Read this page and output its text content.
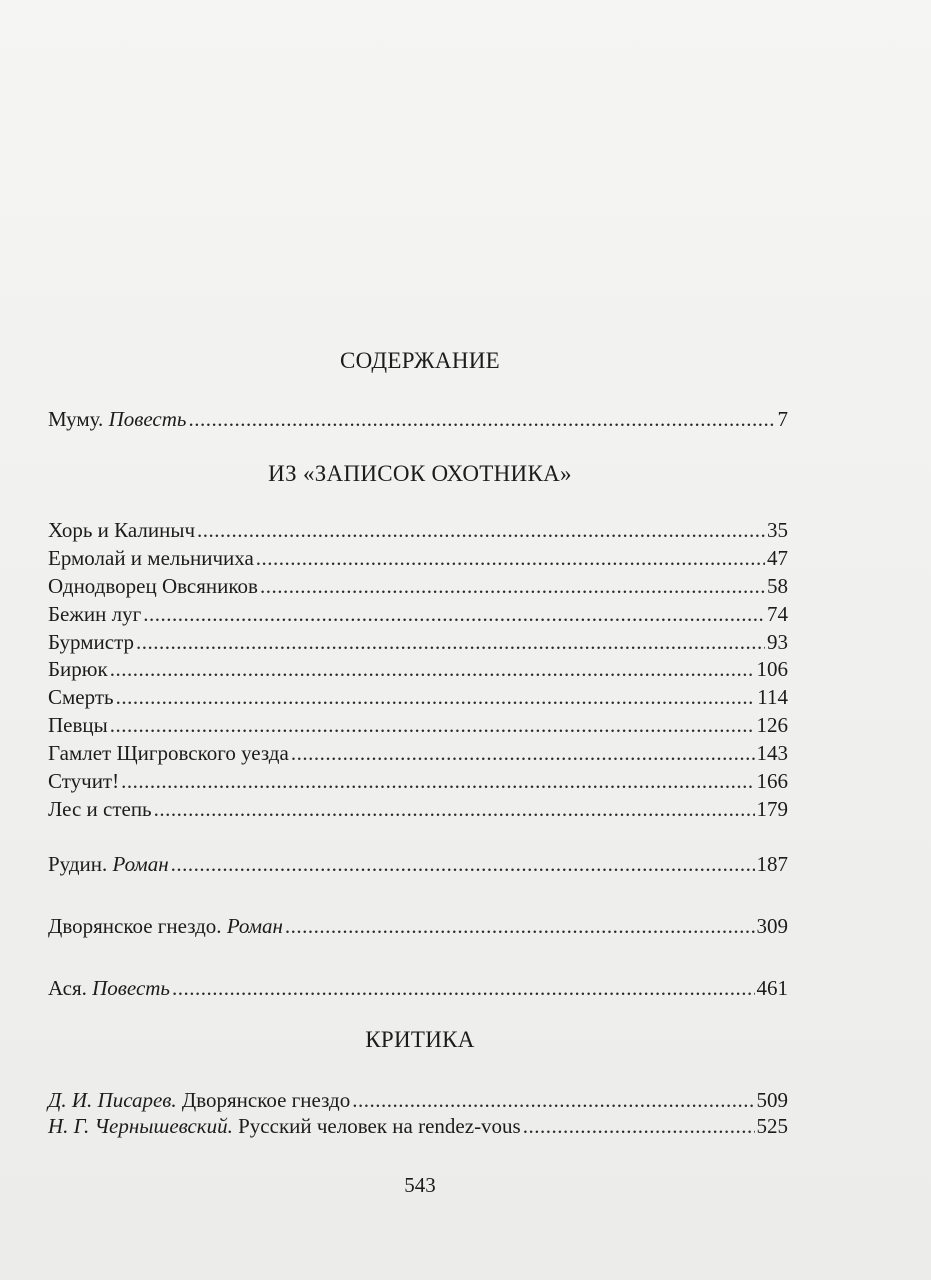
СОДЕРЖАНИЕ
Муму. Повесть .....	7
ИЗ «ЗАПИСОК ОХОТНИКА»
Хорь и Калиныч .....	35
Ермолай и мельничиха .....	47
Однодворец Овсяников .....	58
Бежин луг .....	74
Бурмистр .....	93
Бирюк .....	106
Смерть .....	114
Певцы .....	126
Гамлет Щигровского уезда .....	143
Стучит! .....	166
Лес и степь .....	179
Рудин. Роман .....	187
Дворянское гнездо. Роман .....	309
Ася. Повесть .....	461
КРИТИКА
Д. И. Писарев. Дворянское гнездо .....	509
Н. Г. Чернышевский. Русский человек на rendez-vous .....	525
543
